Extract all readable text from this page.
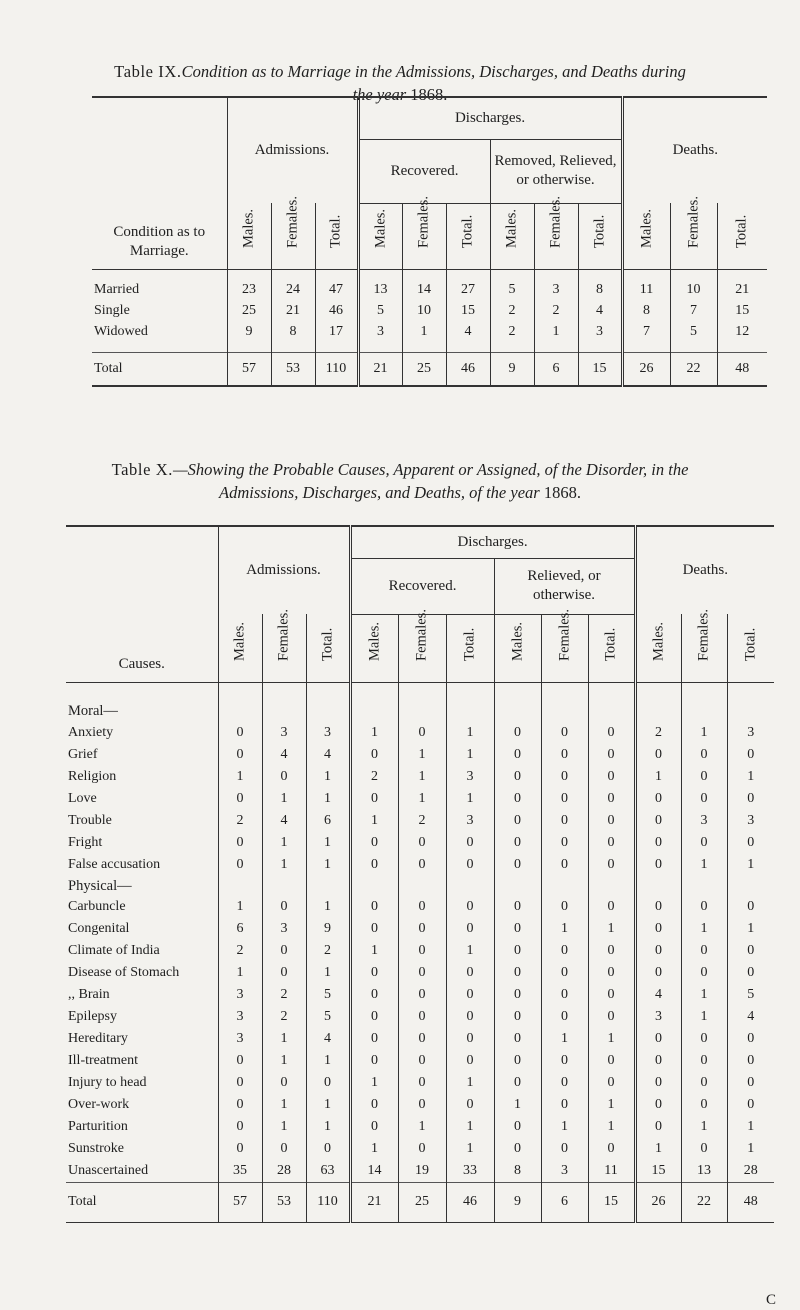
Table IX.Condition as to Marriage in the Admissions, Discharges, and Deaths during
the year 1868.
Condition as to Marriage.	Admissions.			Discharges.						Deaths.		
				Recovered.			Removed, Relieved, or otherwise.					

	Males.	Females.	Total.	Males.	Females.	Total.	Males.	Females.	Total.	Males.	Females.	Total.

Married	23	24	47	13	14	27	5	3	8	11	10	21
Single	25	21	46	5	10	15	2	2	4	8	7	15
Widowed	9	8	17	3	1	4	2	1	3	7	5	12

Total	57	53	110	21	25	46	9	6	15	26	22	48
Table X.—Showing the Probable Causes, Apparent or Assigned, of the Disorder, in the
Admissions, Discharges, and Deaths, of the year 1868.
Causes.	Admissions.			Discharges.						Deaths.		
				Recovered.			Relieved, or otherwise.					

	Males.	Females.	Total.	Males.	Females.	Total.	Males.	Females.	Total.	Males.	Females.	Total.

Moral—												
Anxiety	0	3	3	1	0	1	0	0	0	2	1	3
Grief	0	4	4	0	1	1	0	0	0	0	0	0
Religion	1	0	1	2	1	3	0	0	0	1	0	1
Love	0	1	1	0	1	1	0	0	0	0	0	0
Trouble	2	4	6	1	2	3	0	0	0	0	3	3
Fright	0	1	1	0	0	0	0	0	0	0	0	0
False accusation	0	1	1	0	0	0	0	0	0	0	1	1
Physical—												
Carbuncle	1	0	1	0	0	0	0	0	0	0	0	0
Congenital	6	3	9	0	0	0	0	1	1	0	1	1
Climate of India	2	0	2	1	0	1	0	0	0	0	0	0
Disease of Stomach	1	0	1	0	0	0	0	0	0	0	0	0
,, Brain	3	2	5	0	0	0	0	0	0	4	1	5
Epilepsy	3	2	5	0	0	0	0	0	0	3	1	4
Hereditary	3	1	4	0	0	0	0	1	1	0	0	0
Ill-treatment	0	1	1	0	0	0	0	0	0	0	0	0
Injury to head	0	0	0	1	0	1	0	0	0	0	0	0
Over-work	0	1	1	0	0	0	1	0	1	0	0	0
Parturition	0	1	1	0	1	1	0	1	1	0	1	1
Sunstroke	0	0	0	1	0	1	0	0	0	1	0	1
Unascertained	35	28	63	14	19	33	8	3	11	15	13	28
Total	57	53	110	21	25	46	9	6	15	26	22	48
C
